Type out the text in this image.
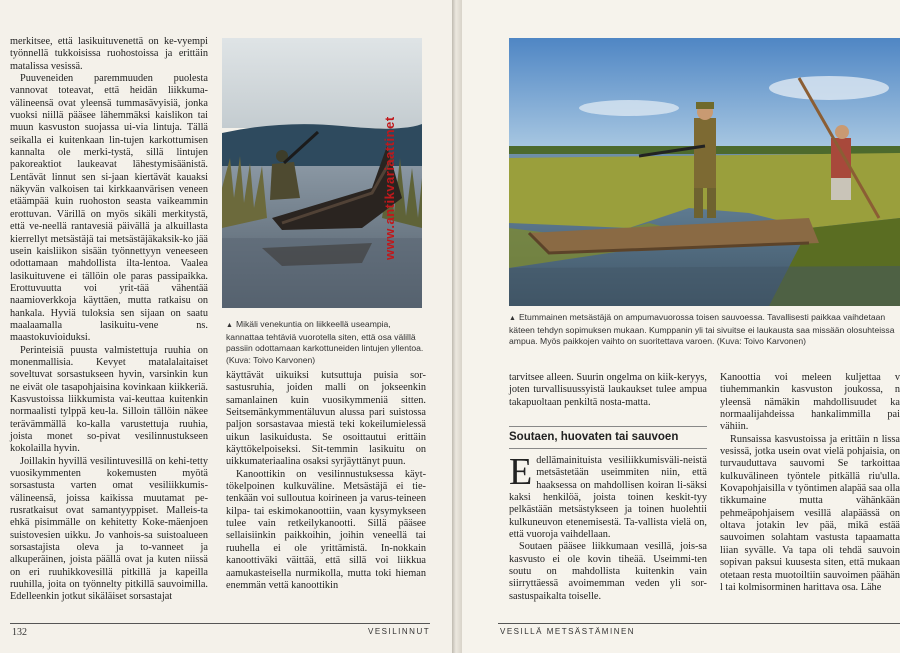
merkitsee, että lasikuituvenettä on ke-vyempi työnnellä tukkoisissa ruohostoissa ja erittäin matalissa vesissä.

Puuveneiden paremmuuden puolesta vannovat toteavat, että heidän liikkuma-välineensä ovat yleensä tummasävyisiä, jonka vuoksi niillä pääsee lähemmäksi kaislikon tai muun kasvuston suojassa ui-via lintuja. Tällä seikalla ei kuitenkaan lin-tujen karkottumisen kannalta ole merki-tystä, sillä lintujen pakoreaktiot laukeavat lähestymisäänistä. Lentävät linnut sen si-jaan kiertävät kauaksi näkyvän valkoisen tai kirkkaanvärisen veneen etäämpää kuin ruohoston seasta vaikeammin erottuvan. Värillä on myös sikäli merkitystä, että ve-neellä rantavesiä päivällä ja alkuillasta kierrellyt metsästäjä tai metsästäjäkaksik-ko jää usein kaisliikon sisään työnnettyyn veneeseen odottamaan mahdollista ilta-lentoa. Vaalea lasikuituvene ei tällöin ole paras passipaikka. Erottuvuutta voi yrit-tää vähentää naamioverkkoja käyttäen, mutta ratkaisu on hankala. Hyviä tuloksia sen sijaan on saatu maalaamalla lasikuitu-vene ns. maastokuvioiduksi.

Perinteisiä puusta valmistettuja ruuhia on monenmallisia. Kevyet matalalaitaiset soveltuvat sorsastukseen hyvin, varsinkin kun ne eivät ole tasapohjaisina kovinkaan kiikkeriä. Kasvustoissa liikkumista vai-keuttaa kuitenkin normaalisti tylppä keu-la. Silloin tällöin näkee terävämmällä ko-kalla varustettuja ruuhia, joista monet so-pivat vesilinnustukseen kokolailla hyvin.

Joillakin hyvillä vesilintuvesillä on kehi-tetty vuosikymmenten kokemusten myötä sorsastusta varten omat vesiliikkumis-välineensä, joissa kaikissa muutamat pe-rusratkaisut ovat samantyyppiset. Malleis-ta ehkä pisimmälle on kehitetty Koke-mäenjoen suistovesien uikku. Jo vanhois-sa suistoalueen sorsastajista oleva ja to-vanneet ja alkuperäinen, joista päällä ovat ja kuten niissä on eri ruuhikkovesillä pitkillä ja kapeilla ruuhilla, joita on työnnelty pitkillä sauvoimilla. Edelleenkin jotkut sikäläiset sorsastajat

▲ Mikäli venekuntia on liikkeellä useampia, kannattaa tehtäviä vuorotella siten, että osa välillä passiin odottamaan karkottuneiden lintujen yllentoa. (Kuva: Toivo Karvonen)

käyttävät uikuiksi kutsuttuja puisia sor-sastusruhia, joiden malli on jokseenkin samanlainen kuin vuosikymmeniä sitten. Seitsemänkymmentäluvun alussa pari suistossa paljon sorsastavaa miestä teki kokeilumielessä uikun lasikuidusta. Se osoittautui erittäin käyttökelpoiseksi. Sit-temmin lasikuitu on uikkumateriaalina osaksi syrjäyttänyt puun.

Kanoottikin on vesilinnustuksessa käyt-tökelpoinen kulkuväline. Metsästäjä ei tie-tenkään voi sulloutua koirineen ja varus-teineen kilpa- tai eskimokanoottiin, vaan kysymykseen tulee vain retkeilykanootti. Sillä pääsee sellaisiinkin paikkoihin, joihin veneellä tai ruuhella ei ole yrittämistä. In-nokkain kanoottiväki väittää, että sillä voi liikkua aamukasteisella nurmikolla, mutta toki hieman enemmän vettä kanoottikin

132	VESILINNUT
www.antikvariaattinet
▲ Etummainen metsästäjä on ampumavuorossa toisen sauvoessa. Tavallisesti paikkaa vaihdetaan käteen tehdyn sopimuksen mukaan. Kumppanin yli tai sivuitse ei laukausta saa missään olosuhteissa ampua. Myös paikkojen vaihto on suoritettava varoen. (Kuva: Toivo Karvonen)

tarvitsee alleen. Suurin ongelma on kiik-keryys, joten turvallisuussyistä laukaukset tulee ampua takapuoltaan penkiltä nosta-matta.

Soutaen, huovaten tai sauvoen

Edellämainituista vesiliikkumisväli-neistä metsästetään useimmiten niin, että haaksessa on mahdollisen koiran li-säksi kaksi henkilöä, joista toinen keskit-tyy pelkästään metsästykseen ja toinen huolehtii kulkuneuvon etenemisestä. Ta-vallista vielä on, että vuoroja vaihdellaan.

Soutaen pääsee liikkumaan vesillä, jois-sa kasvusto ei ole kovin tiheää. Useimmi-ten soutu on mahdollista kuitenkin vain siirryttäessä avoimemman veden yli sor-sastuspaikalta toiselle.

Kanoottia voi meleen kuljettaa v tiuhemmankin kasvuston joukossa, n yleensä nämäkin mahdollisuudet ka normaalijahdeissa hankalimmilla pai vähiin.

Runsaissa kasvustoissa ja erittäin n lissa vesissä, jotka usein ovat vielä pohjaisia, on turvauduttava sauvomi Se tarkoittaa kulkuvälineen työntele pitkällä riu'ulla. Kovapohjaisilla v työntimen alapää saa olla tikkumaine mutta vähänkään pehmeäpohjaisem vesillä alapäässä on oltava jotakin lev pää, mikä estää sauvoimen solahtam vastusta tapaamatta liian syvälle. Va tapa oli tehdä sauvoin sopivan paksui kuusesta siten, että mukaan otetaan resta muotoiltiin sauvoimen päähän l tai kolmisorminen harittava osa. Lähe

VESILLÄ METSÄSTÄMINEN
